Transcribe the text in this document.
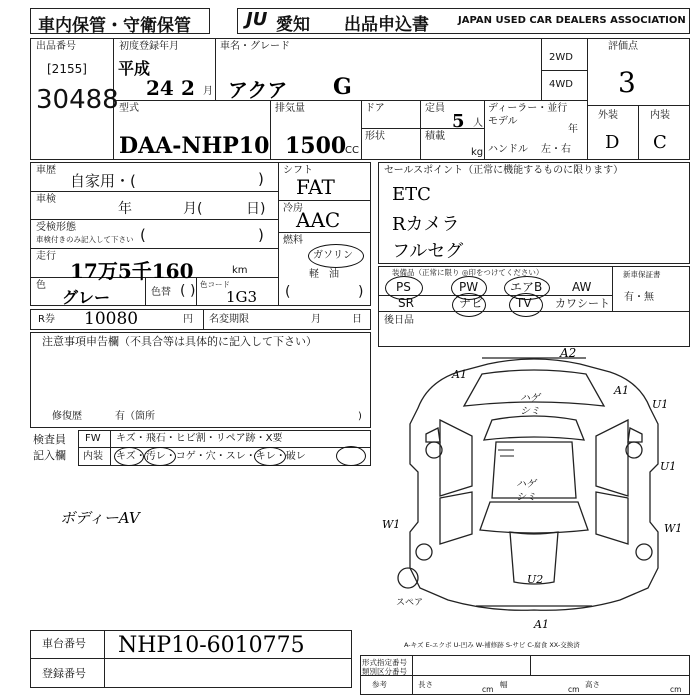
車内保管・守衛保管	JU 愛知 出品申込書	JAPAN USED CAR DEALERS ASSOCIATION
出品番号
[2155]
30488
初度登録年月
平成
24 2 月
車名・グレード
アクア G
2WD
4WD
評価点
3
外装	内装
D C
型式
DAA-NHP10
排気量
1500
CC
ドア	定員
5 人
ディーラー・並行
モデル
年
ハンドル 左・右
形状	積載
kg
車歴
自家用・(	)
車検
年	月(	日)
受検形態
車検付きのみ記入して下さい (	)
走行
17万5千160	km
色
グレー	色替 ( ) 色コード
1G3
シフト
FAT
冷房
AAC
燃料
ガソリン
軽　油
(	)
セールスポイント（正常に機能するものに限ります）
ETC
Rカメラ
フルセグ
装備品（正常に限り ◎印をつけてください）
PS	PW	エアB AW
SR	ナビ	TV カワシート
新車保証書
有・無
R券 10080	円 名変期限	月	日 後日品
注意事項申告欄（不具合等は具体的に記入して下さい）
修復歴	有（箇所	)
検査員
記入欄
FW キズ・飛石・ヒビ割・リペア跡・X要
内装 キズ・汚レ・コゲ・穴・スレ・キレ・破レ
ボディーAV
A2
A1
A1
ハゲ
シミ
ハゲ
シミ
W1
U1
U1
W1
U2
A1
スペア
A-キズ E-エクボ U-凹み W-補修跡 S-サビ C-腐食 XX-交換済
車台番号 NHP10-6010775
登録番号
形式指定番号
類別区分番号
参考	長さ
cm
幅
cm
高さ
cm
